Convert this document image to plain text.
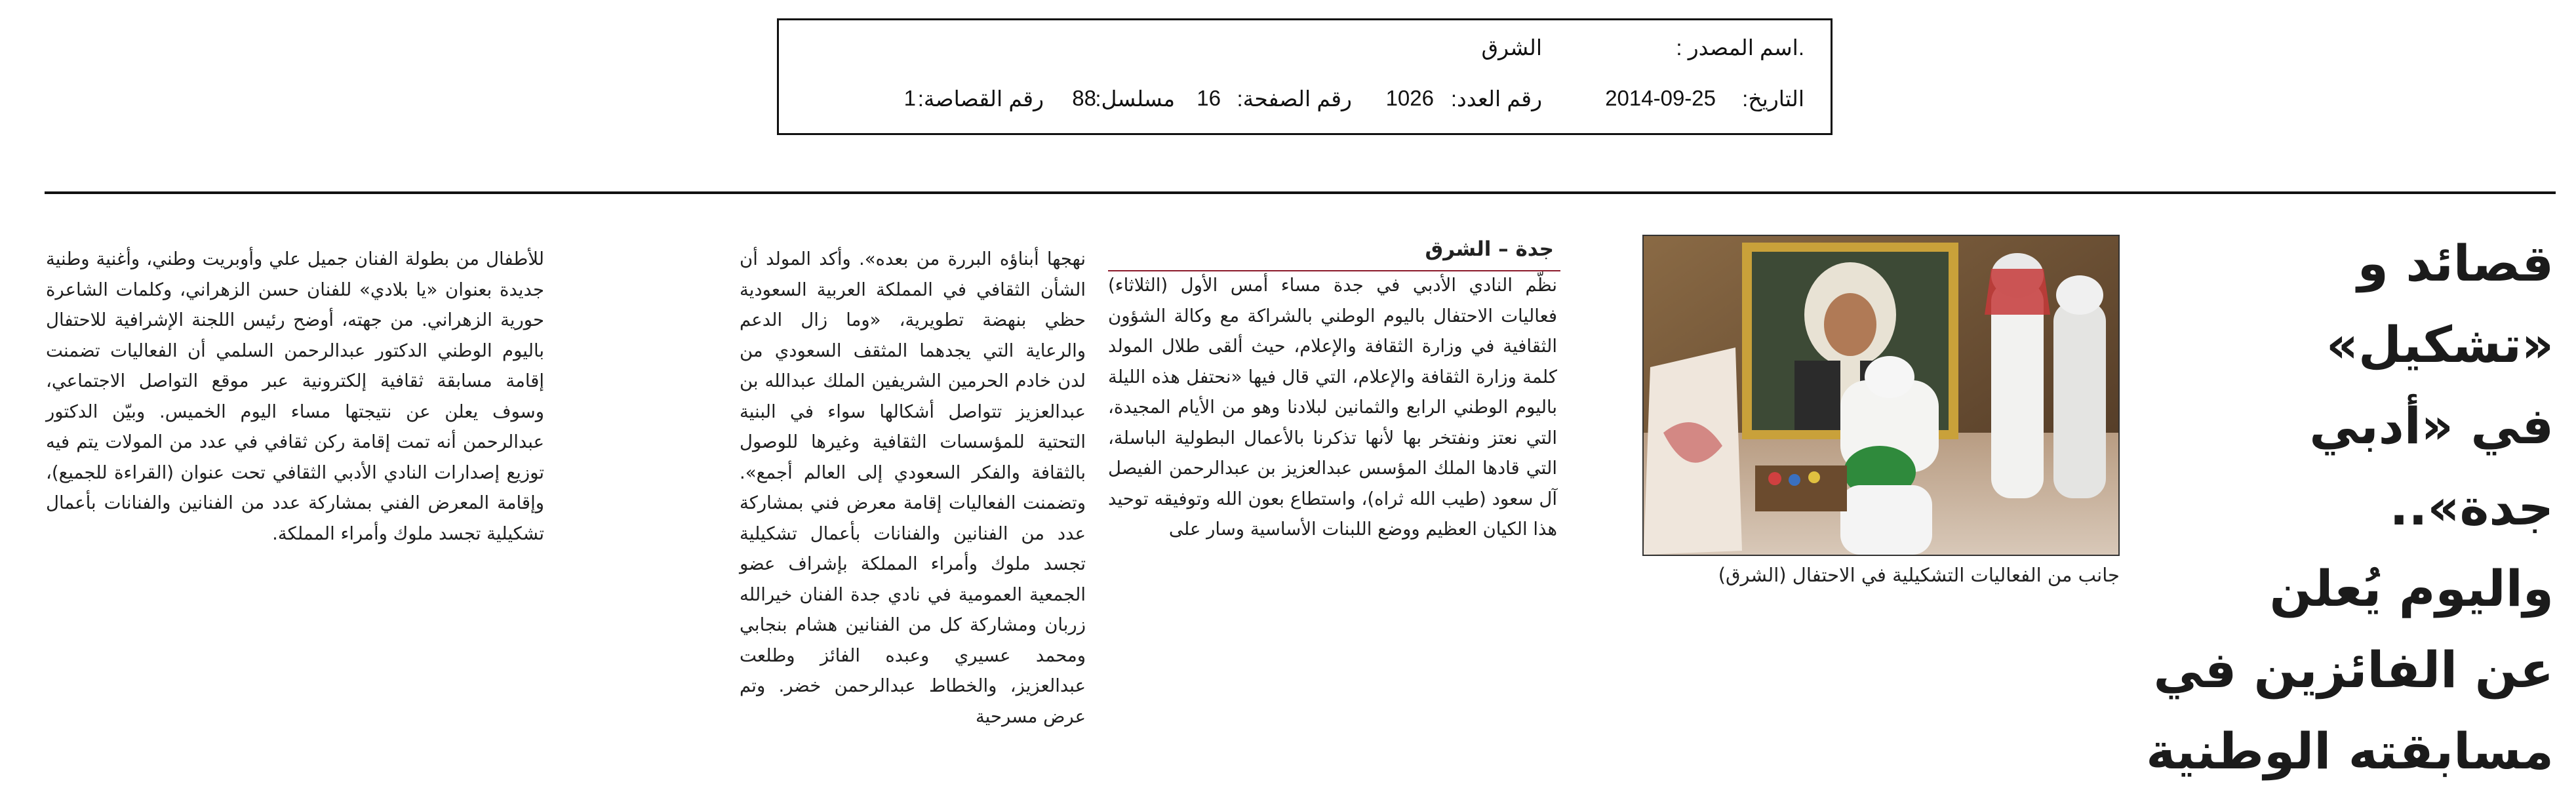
.اسم المصدر :
الشرق
التاريخ:
2014-09-25
رقم العدد:
1026
رقم الصفحة:
16
مسلسل:
88
رقم القصاصة:
1
قصائد و «تشكيل»
في «أدبي جدة»..
واليوم يُعلن
عن الفائزين في
مسابقته الوطنية
جانب من الفعاليات التشكيلية في الاحتفال (الشرق)
جدة – الشرق

نظّم النادي الأدبي في جدة مساء أمس الأول (الثلاثاء) فعاليات الاحتفال باليوم الوطني بالشراكة مع وكالة الشؤون الثقافية في وزارة الثقافة والإعلام، حيث ألقى طلال المولد كلمة وزارة الثقافة والإعلام، التي قال فيها «نحتفل هذه الليلة باليوم الوطني الرابع والثمانين لبلادنا وهو من الأيام المجيدة، التي نعتز ونفتخر بها لأنها تذكرنا بالأعمال البطولية الباسلة، التي قادها الملك المؤسس عبدالعزيز بن عبدالرحمن الفيصل آل سعود (طيب الله ثراه)، واستطاع بعون الله وتوفيقه توحيد هذا الكيان العظيم ووضع اللبنات الأساسية وسار على

نهجها أبناؤه البررة من بعده». وأكد المولد أن الشأن الثقافي في المملكة العربية السعودية حظي بنهضة تطويرية، «وما زال الدعم والرعاية التي يجدهما المثقف السعودي من لدن خادم الحرمين الشريفين الملك عبدالله بن عبدالعزيز تتواصل أشكالها سواء في البنية التحتية للمؤسسات الثقافية وغيرها للوصول بالثقافة والفكر السعودي إلى العالم أجمع». وتضمنت الفعاليات إقامة معرض فني بمشاركة عدد من الفنانين والفنانات بأعمال تشكيلية تجسد ملوك وأمراء المملكة بإشراف عضو الجمعية العمومية في نادي جدة الفنان خيرالله زربان ومشاركة كل من الفنانين هشام بنجابي ومحمد عسيري وعبده الفائز وطلعت عبدالعزيز، والخطاط عبدالرحمن خضر. وتم عرض مسرحية

للأطفال من بطولة الفنان جميل علي وأوبريت وطني، وأغنية وطنية جديدة بعنوان «يا بلادي» للفنان حسن الزهراني، وكلمات الشاعرة حورية الزهراني. من جهته، أوضح رئيس اللجنة الإشرافية للاحتفال باليوم الوطني الدكتور عبدالرحمن السلمي أن الفعاليات تضمنت إقامة مسابقة ثقافية إلكترونية عبر موقع التواصل الاجتماعي، وسوف يعلن عن نتيجتها مساء اليوم الخميس. وبيّن الدكتور عبدالرحمن أنه تمت إقامة ركن ثقافي في عدد من المولات يتم فيه توزيع إصدارات النادي الأدبي الثقافي تحت عنوان (القراءة للجميع)، وإقامة المعرض الفني بمشاركة عدد من الفنانين والفنانات بأعمال تشكيلية تجسد ملوك وأمراء المملكة.
